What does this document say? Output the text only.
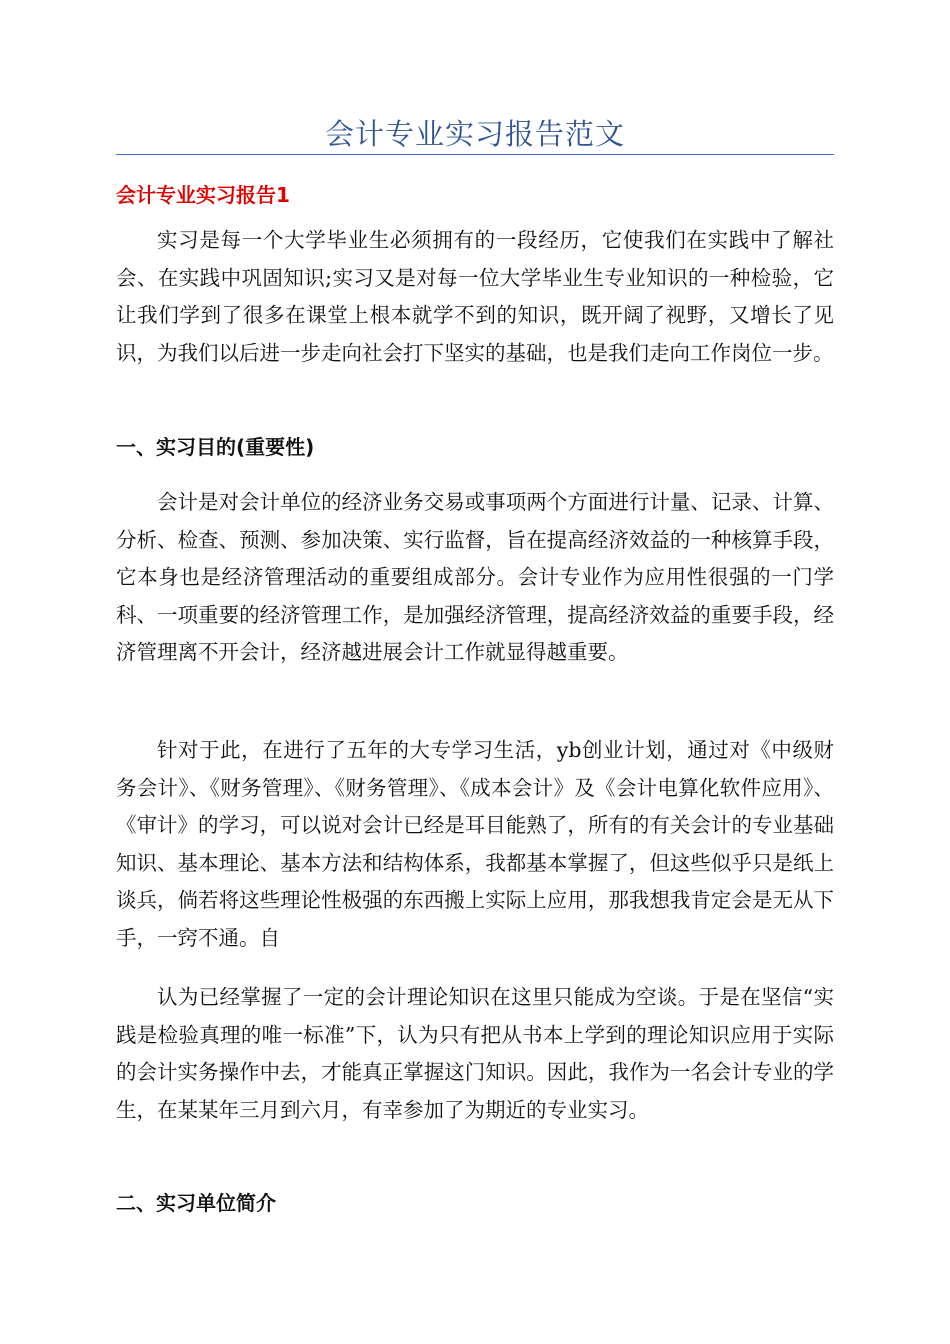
会计专业实习报告范文
会计专业实习报告1

实习是每一个大学毕业生必须拥有的一段经历，它使我们在实践中了解社会、在实践中巩固知识;实习又是对每一位大学毕业生专业知识的一种检验，它让我们学到了很多在课堂上根本就学不到的知识，既开阔了视野，又增长了见识，为我们以后进一步走向社会打下坚实的基础，也是我们走向工作岗位一步。

一、实习目的(重要性)

会计是对会计单位的经济业务交易或事项两个方面进行计量、记录、计算、分析、检查、预测、参加决策、实行监督，旨在提高经济效益的一种核算手段，它本身也是经济管理活动的重要组成部分。会计专业作为应用性很强的一门学科、一项重要的经济管理工作，是加强经济管理，提高经济效益的重要手段，经济管理离不开会计，经济越进展会计工作就显得越重要。

针对于此，在进行了五年的大专学习生活，yb创业计划，通过对《中级财务会计》、《财务管理》、《财务管理》、《成本会计》及《会计电算化软件应用》、《审计》的学习，可以说对会计已经是耳目能熟了，所有的有关会计的专业基础知识、基本理论、基本方法和结构体系，我都基本掌握了，但这些似乎只是纸上谈兵，倘若将这些理论性极强的东西搬上实际上应用，那我想我肯定会是无从下手，一窍不通。自

认为已经掌握了一定的会计理论知识在这里只能成为空谈。于是在坚信“实践是检验真理的唯一标准”下，认为只有把从书本上学到的理论知识应用于实际的会计实务操作中去，才能真正掌握这门知识。因此，我作为一名会计专业的学生，在某某年三月到六月，有幸参加了为期近的专业实习。

二、实习单位简介
